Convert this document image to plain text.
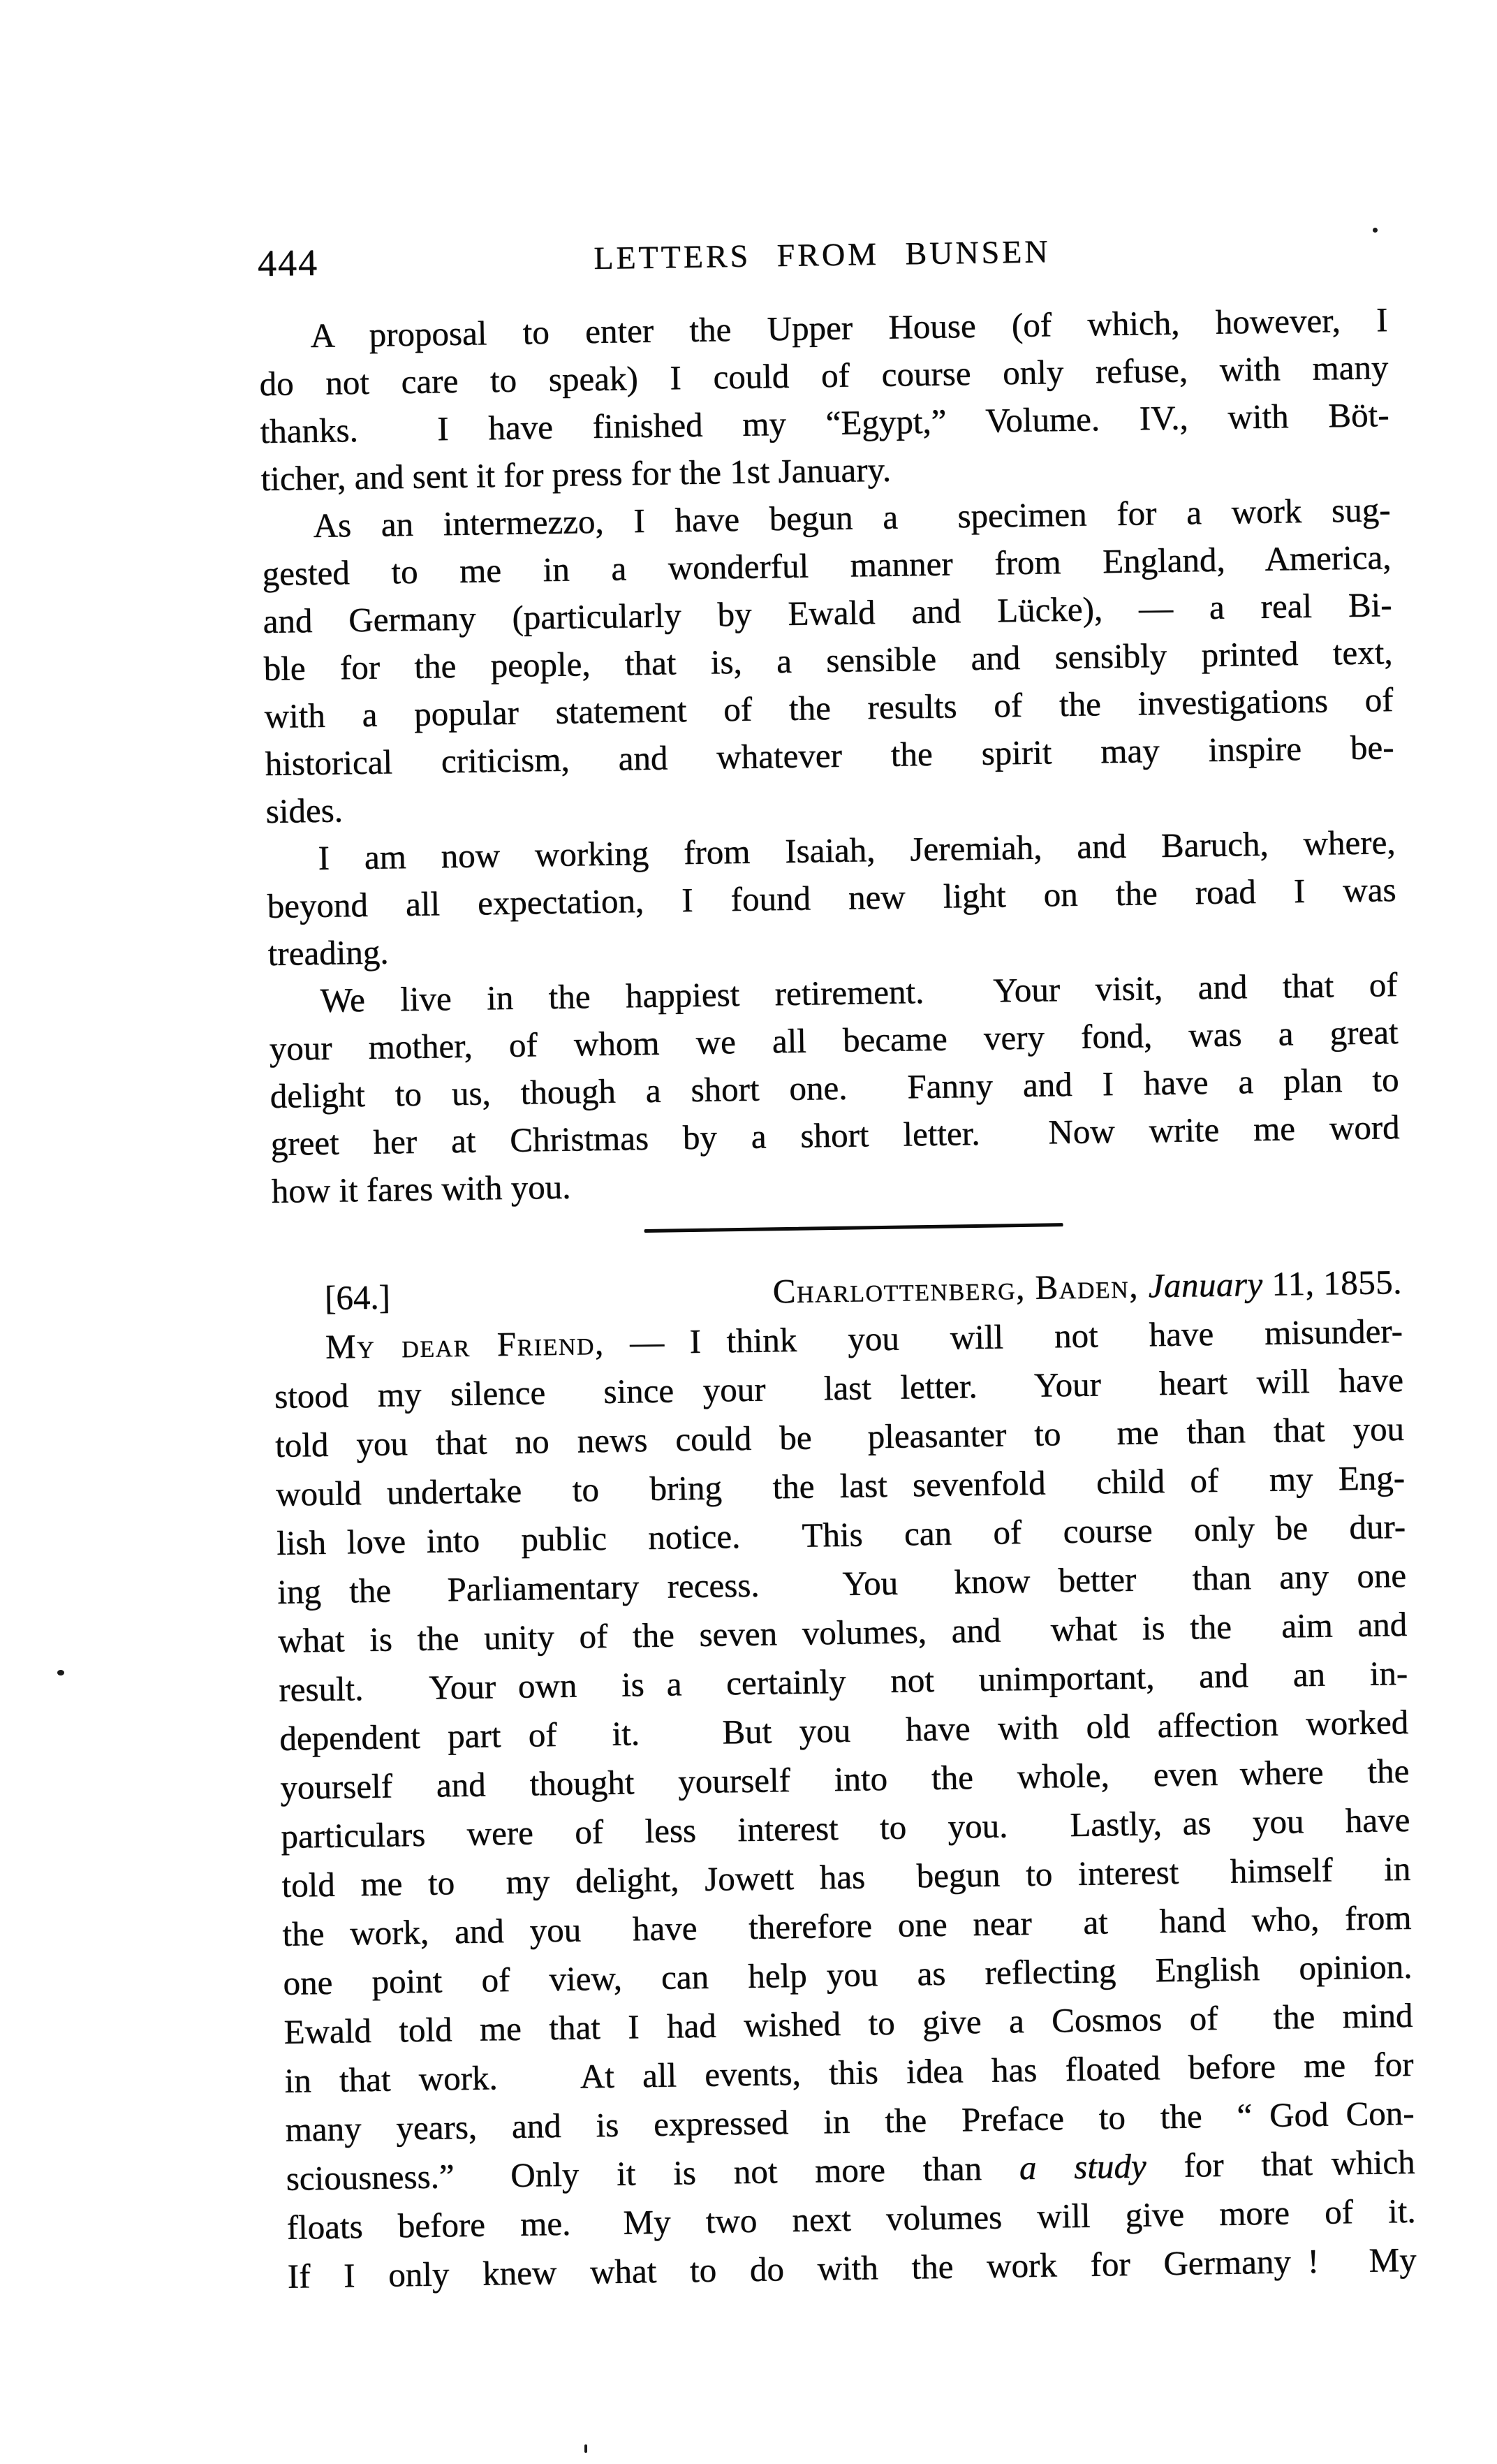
444	LETTERS FROM BUNSEN
A proposal to enter the Upper House (of which, however, I
do not care to speak) I could of course only refuse, with many
thanks.  I have finished my “Egypt,” Volume. IV., with Böt-
ticher, and sent it for press for the 1st January.
As an intermezzo, I have begun a  specimen for a work sug-
gested to me in a wonderful manner from England, America,
and Germany (particularly by Ewald and Lücke), — a real Bi-
ble for the people, that is, a sensible and sensibly printed text,
with a popular statement of the results of the investigations of
historical criticism, and whatever the spirit may inspire be-
sides.
I am now working from Isaiah, Jeremiah, and Baruch, where,
beyond all expectation, I found new light on the road I was
treading.
We live in the happiest retirement.  Your visit, and that of
your mother, of whom we all became very fond, was a great
delight to us, though a short one.  Fanny and I have a plan to
greet her at Christmas by a short letter.  Now write me word
how it fares with you.
[64.]	Charlottenberg, Baden, January 11, 1855.
My dear Friend, — I think  you  will  not  have  misunder-
stood my silence  since your  last letter.  Your  heart will have
told you that no news could be  pleasanter to  me than that you
would undertake  to  bring  the last sevenfold  child of  my Eng-
lish love into  public  notice.   This  can  of  course  only be  dur-
ing the  Parliamentary recess.   You  know better  than any one
what is the unity of the seven volumes, and  what is the  aim and
result.   Your own  is a  certainly  not  unimportant,  and  an  in-
dependent part of  it.   But you  have with old affection worked
yourself  and  thought  yourself  into  the  whole,  even where  the
particulars  were  of  less  interest  to  you.   Lastly, as  you  have
told me to  my delight, Jowett has  begun to interest  himself  in
the work, and you  have  therefore one near  at  hand who, from
one  point  of  view,  can  help you  as  reflecting  English  opinion.
Ewald told me that I had wished to give a Cosmos of  the mind
in that work.   At all events, this idea has floated before me for
many  years,  and  is  expressed  in  the  Preface  to  the  “ God Con-
sciousness.”   Only  it  is  not  more  than  a  study  for  that which
floats  before  me.   My  two  next  volumes  will  give  more  of  it.
If  I  only  knew  what  to  do  with  the  work  for  Germany !   My
